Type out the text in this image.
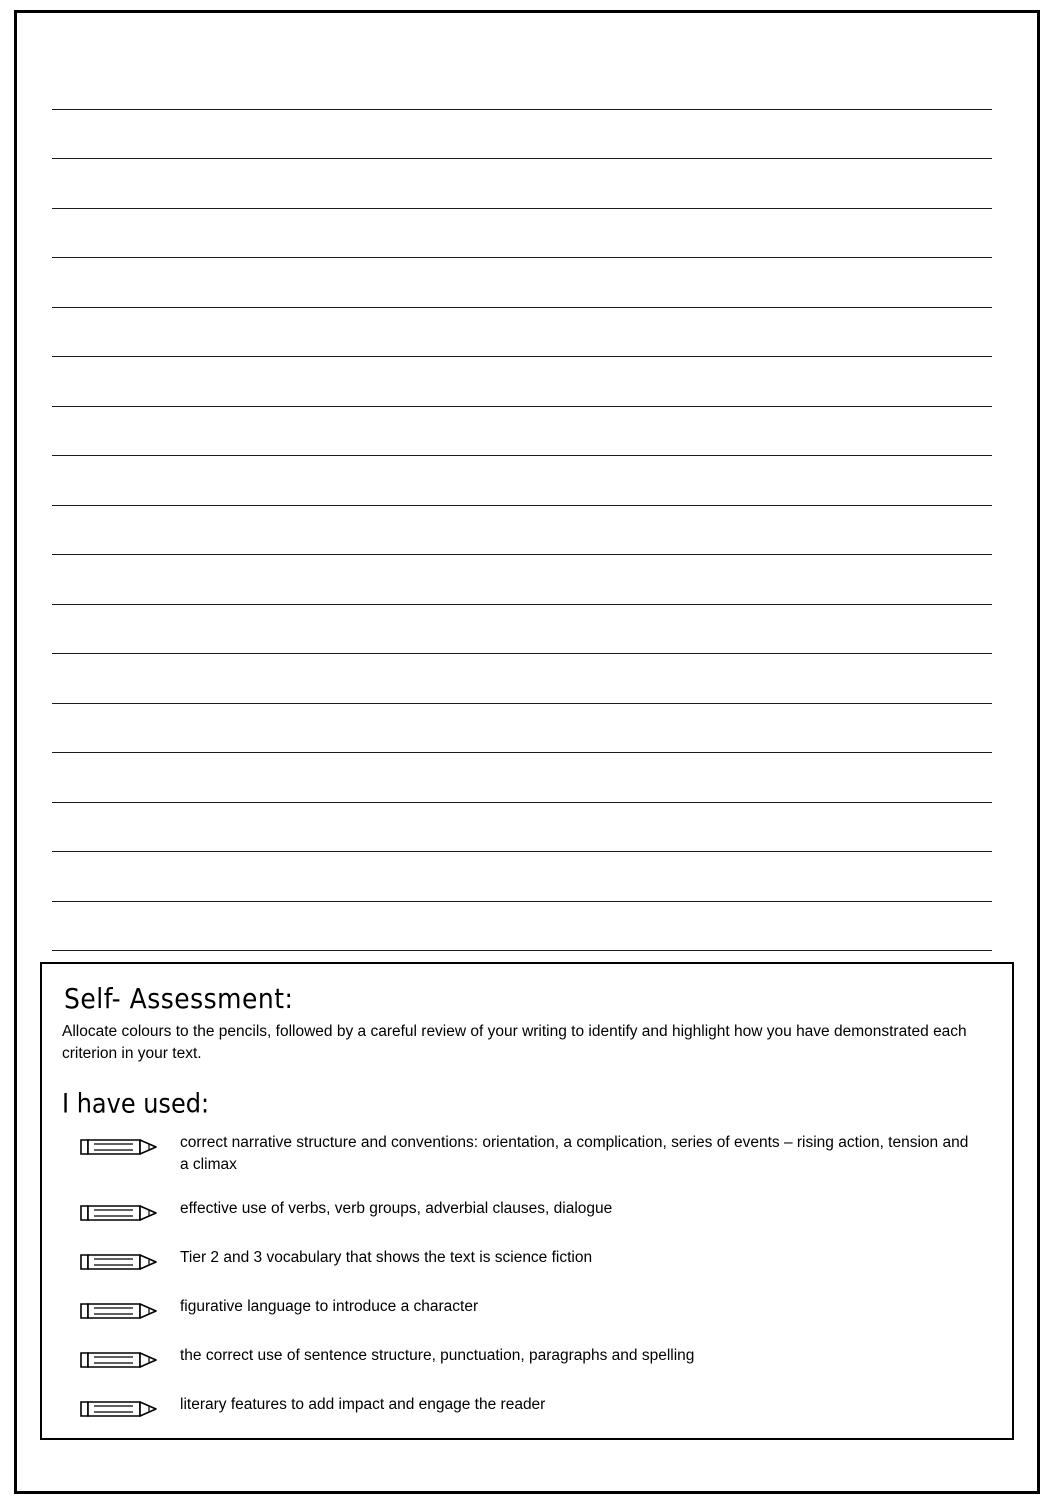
Self- Assessment:
Allocate colours to the pencils, followed by a careful review of your writing to identify and highlight how you have demonstrated each criterion in your text.
I have used:
correct narrative structure and conventions: orientation, a complication, series of events – rising action, tension and a climax
effective use of verbs, verb groups, adverbial clauses, dialogue
Tier 2 and 3 vocabulary that shows the text is science fiction
figurative language to introduce a character
the correct use of sentence structure, punctuation, paragraphs and spelling
literary features to add impact and engage the reader
